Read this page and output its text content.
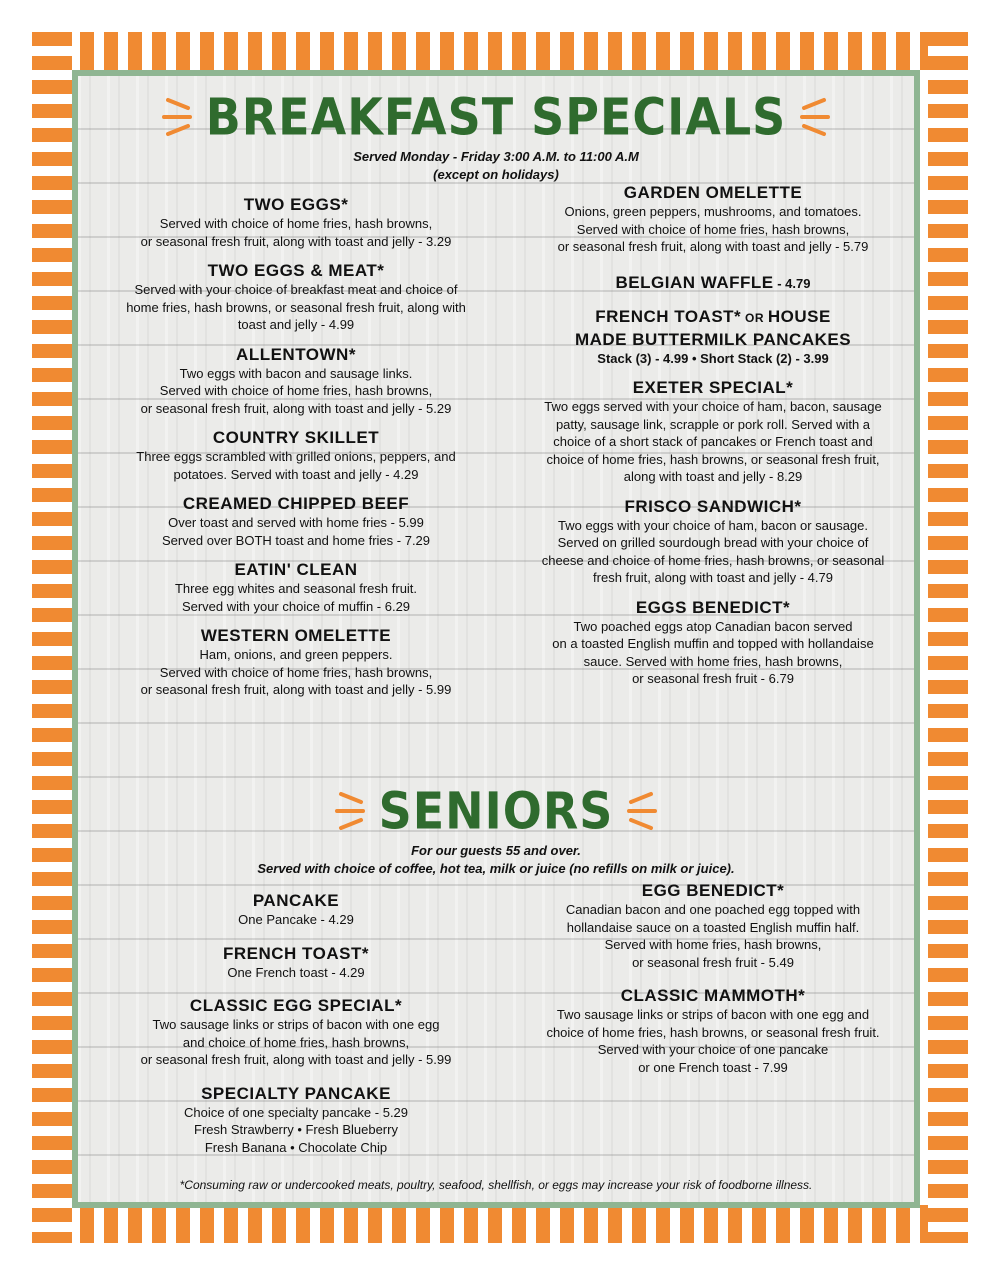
BREAKFAST SPECIALS
Served Monday - Friday 3:00 A.M. to 11:00 A.M
(except on holidays)
TWO EGGS*
Served with choice of home fries, hash browns,
or seasonal fresh fruit, along with toast and jelly - 3.29
TWO EGGS & MEAT*
Served with your choice of breakfast meat and choice of
home fries, hash browns, or seasonal fresh fruit, along with
toast and jelly - 4.99
ALLENTOWN*
Two eggs with bacon and sausage links.
Served with choice of home fries, hash browns,
or seasonal fresh fruit, along with toast and jelly - 5.29
COUNTRY SKILLET
Three eggs scrambled with grilled onions, peppers, and
potatoes. Served with toast and jelly - 4.29
CREAMED CHIPPED BEEF
Over toast and served with home fries - 5.99
Served over BOTH toast and home fries - 7.29
EATIN' CLEAN
Three egg whites and seasonal fresh fruit.
Served with your choice of muffin - 6.29
WESTERN OMELETTE
Ham, onions, and green peppers.
Served with choice of home fries, hash browns,
or seasonal fresh fruit, along with toast and jelly - 5.99
GARDEN OMELETTE
Onions, green peppers, mushrooms, and tomatoes.
Served with choice of home fries, hash browns,
or seasonal fresh fruit, along with toast and jelly - 5.79
BELGIAN WAFFLE - 4.79
FRENCH TOAST* OR HOUSE
MADE BUTTERMILK PANCAKES
Stack (3) - 4.99 • Short Stack (2) - 3.99
EXETER SPECIAL*
Two eggs served with your choice of ham, bacon, sausage
patty, sausage link, scrapple or pork roll. Served with a
choice of a short stack of pancakes or French toast and
choice of home fries, hash browns, or seasonal fresh fruit,
along with toast and jelly - 8.29
FRISCO SANDWICH*
Two eggs with your choice of ham, bacon or sausage.
Served on grilled sourdough bread with your choice of
cheese and choice of home fries, hash browns, or seasonal
fresh fruit, along with toast and jelly - 4.79
EGGS BENEDICT*
Two poached eggs atop Canadian bacon served
on a toasted English muffin and topped with hollandaise
sauce. Served with home fries, hash browns,
or seasonal fresh fruit - 6.79
SENIORS
For our guests 55 and over.
Served with choice of coffee, hot tea, milk or juice (no refills on milk or juice).
PANCAKE
One Pancake - 4.29
FRENCH TOAST*
One French toast - 4.29
CLASSIC EGG SPECIAL*
Two sausage links or strips of bacon with one egg
and choice of home fries, hash browns,
or seasonal fresh fruit, along with toast and jelly - 5.99
SPECIALTY PANCAKE
Choice of one specialty pancake - 5.29
Fresh Strawberry • Fresh Blueberry
Fresh Banana • Chocolate Chip
EGG BENEDICT*
Canadian bacon and one poached egg topped with
hollandaise sauce on a toasted English muffin half.
Served with home fries, hash browns,
or seasonal fresh fruit - 5.49
CLASSIC MAMMOTH*
Two sausage links or strips of bacon with one egg and
choice of home fries, hash browns, or seasonal fresh fruit.
Served with your choice of one pancake
or one French toast - 7.99
*Consuming raw or undercooked meats, poultry, seafood, shellfish, or eggs may increase your risk of foodborne illness.
